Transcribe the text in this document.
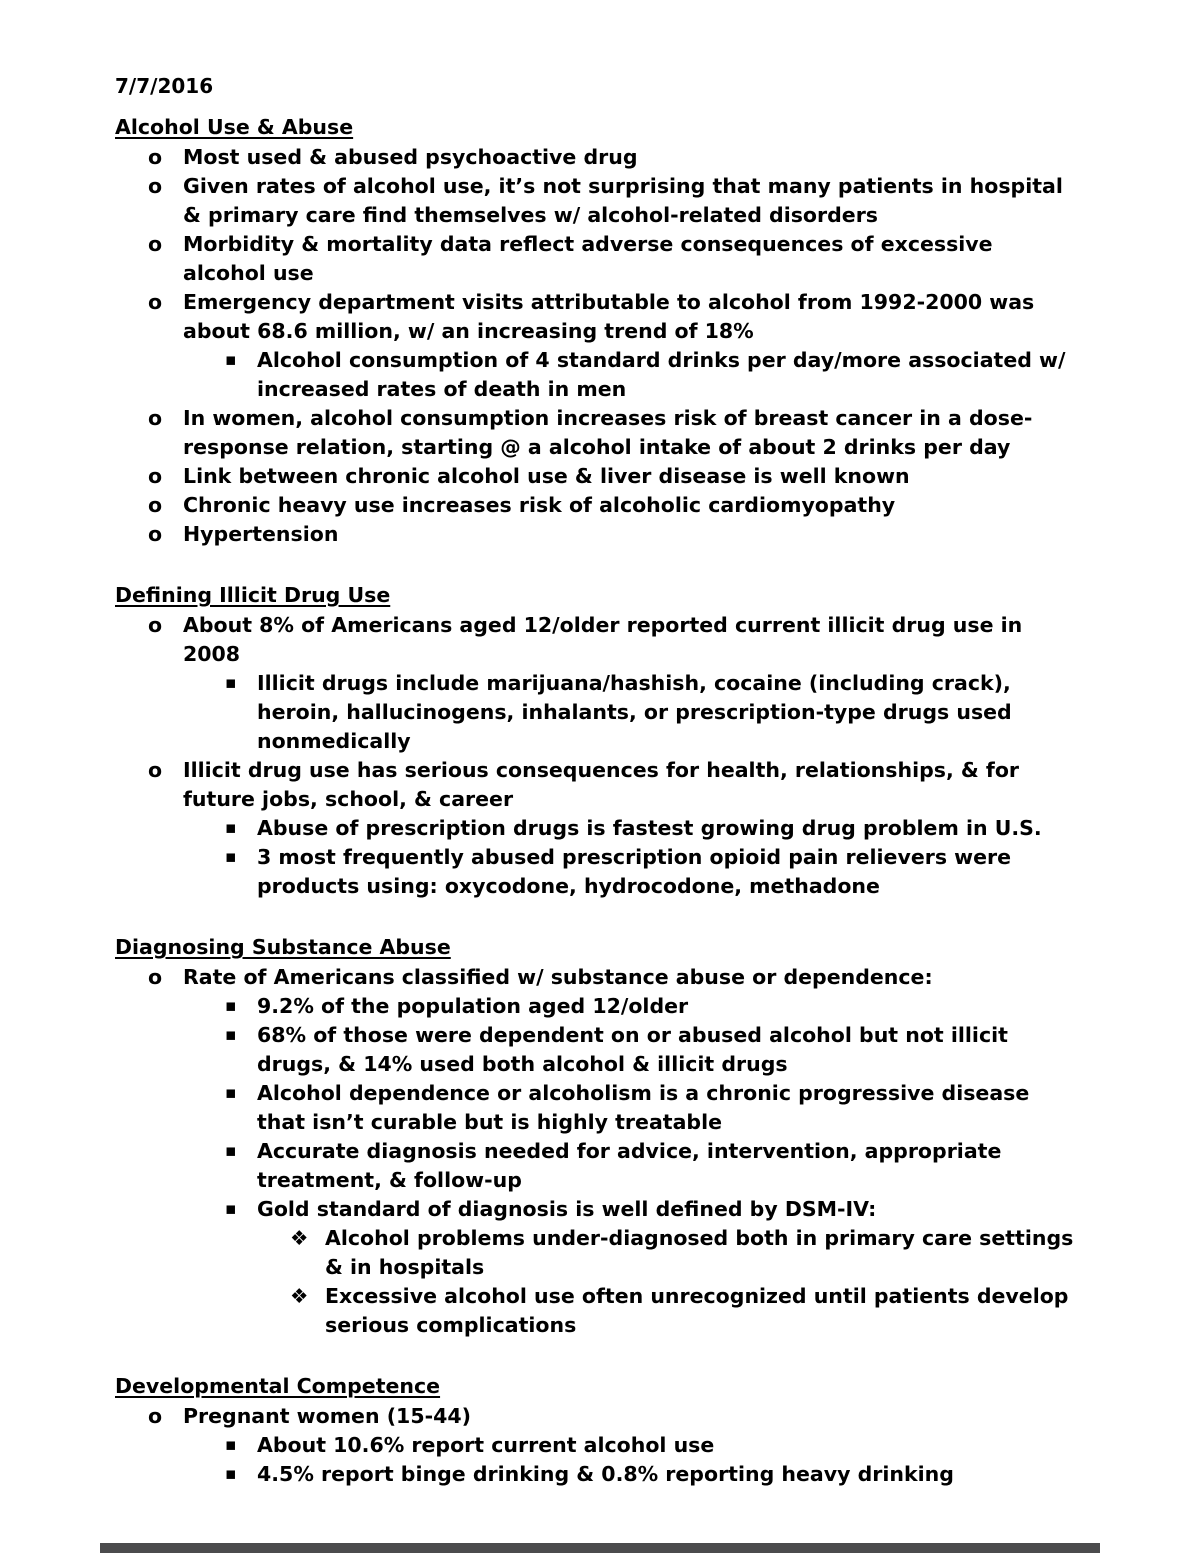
7/7/2016
Alcohol Use & Abuse
o Most used & abused psychoactive drug
o Given rates of alcohol use, it’s not surprising that many patients in hospital & primary care find themselves w/ alcohol-related disorders
o Morbidity & mortality data reflect adverse consequences of excessive alcohol use
o Emergency department visits attributable to alcohol from 1992-2000 was about 68.6 million, w/ an increasing trend of 18%
▪ Alcohol consumption of 4 standard drinks per day/more associated w/ increased rates of death in men
o In women, alcohol consumption increases risk of breast cancer in a dose-response relation, starting @ a alcohol intake of about 2 drinks per day
o Link between chronic alcohol use & liver disease is well known
o Chronic heavy use increases risk of alcoholic cardiomyopathy
o Hypertension
Defining Illicit Drug Use
o About 8% of Americans aged 12/older reported current illicit drug use in 2008
▪ Illicit drugs include marijuana/hashish, cocaine (including crack), heroin, hallucinogens, inhalants, or prescription-type drugs used nonmedically
o Illicit drug use has serious consequences for health, relationships, & for future jobs, school, & career
▪ Abuse of prescription drugs is fastest growing drug problem in U.S.
▪ 3 most frequently abused prescription opioid pain relievers were products using: oxycodone, hydrocodone, methadone
Diagnosing Substance Abuse
o Rate of Americans classified w/ substance abuse or dependence:
▪ 9.2% of the population aged 12/older
▪ 68% of those were dependent on or abused alcohol but not illicit drugs, & 14% used both alcohol & illicit drugs
▪ Alcohol dependence or alcoholism is a chronic progressive disease that isn’t curable but is highly treatable
▪ Accurate diagnosis needed for advice, intervention, appropriate treatment, & follow-up
▪ Gold standard of diagnosis is well defined by DSM-IV:
❖ Alcohol problems under-diagnosed both in primary care settings & in hospitals
❖ Excessive alcohol use often unrecognized until patients develop serious complications
Developmental Competence
o Pregnant women (15-44)
▪ About 10.6% report current alcohol use
▪ 4.5% report binge drinking & 0.8% reporting heavy drinking
